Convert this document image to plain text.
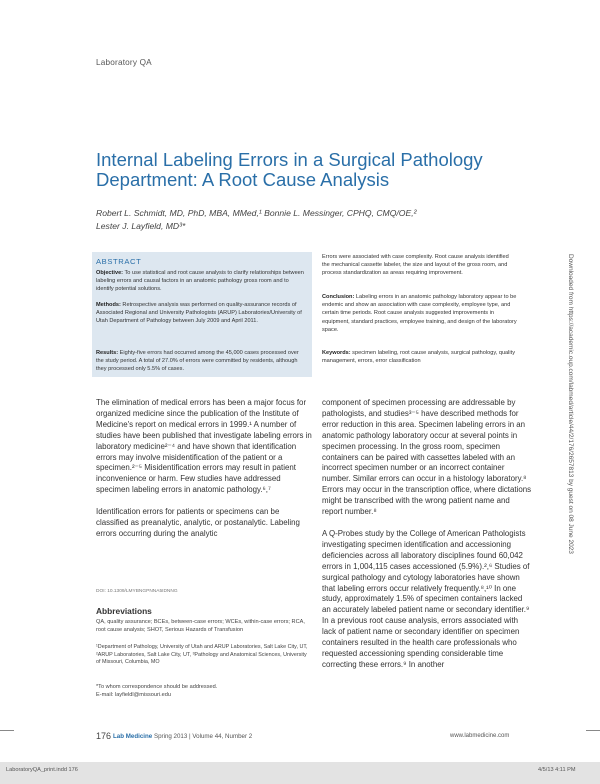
Laboratory QA
Internal Labeling Errors in a Surgical Pathology Department: A Root Cause Analysis
Robert L. Schmidt, MD, PhD, MBA, MMed,¹ Bonnie L. Messinger, CPHQ, CMQ/OE,²
Lester J. Layfield, MD³*
ABSTRACT
Objective: To use statistical and root cause analysis to clarify relationships between labeling errors and causal factors in an anatomic pathology gross room and to identify potential solutions.
Methods: Retrospective analysis was performed on quality-assurance records of Associated Regional and University Pathologists (ARUP) Laboratories/University of Utah Department of Pathology between July 2009 and April 2011.
Results: Eighty-five errors had occurred among the 45,000 cases processed over the study period. A total of 27.0% of errors were committed by residents, although they processed only 5.5% of cases.
Errors were associated with case complexity. Root cause analysis identified the mechanical cassette labeler, the size and layout of the gross room, and process standardization as areas requiring improvement.
Conclusion: Labeling errors in an anatomic pathology laboratory appear to be endemic and show an association with case complexity, employee type, and certain time periods. Root cause analysis suggested improvements in equipment, standard practices, employee training, and design of the laboratory space.
Keywords: specimen labeling, root cause analysis, surgical pathology, quality management, errors, error classification

The elimination of medical errors has been a major focus for organized medicine since the publication of the Institute of Medicine's report on medical errors in 1999.¹ A number of studies have been published that investigate labeling errors in laboratory medicine²⁻⁴ and have shown that identification errors may involve misidentification of the patient or a specimen.²⁻⁵ Misidentification errors may result in patient inconvenience or harm. Few studies have addressed specimen labeling errors in anatomic pathology.⁶,⁷

Identification errors for patients or specimens can be classified as preanalytic, analytic, or postanalytic. Labeling errors occurring during the analytic

component of specimen processing are addressable by pathologists, and studies³⁻⁵ have described methods for error reduction in this area. Specimen labeling errors in an anatomic pathology laboratory occur at several points in specimen processing. In the gross room, specimen containers can be paired with cassettes labeled with an incorrect specimen number or an incorrect container number. Similar errors can occur in a histology laboratory.⁸ Errors may occur in the transcription office, where dictations might be transcribed with the wrong patient name and report number.⁸

A Q-Probes study by the College of American Pathologists investigating specimen identification and accessioning deficiencies across all laboratory disciplines found 60,042 errors in 1,004,115 cases accessioned (5.9%).²,⁶ Studies of surgical pathology and cytology laboratories have shown that labeling errors occur relatively frequently.⁸,¹⁰ In one study, approximately 1.5% of specimen containers lacked an accurately labeled patient name or secondary identifier.⁹ In a previous root cause analysis, errors associated with lack of patient name or secondary identifier on specimen containers resulted in the health care professionals who requested accessioning spending considerable time correcting these errors.⁹ In another

DOI: 10.1309/LMYBNGPNNA5IDNNG
Abbreviations
QA, quality assurance; BCEs, between-case errors; WCEs, within-case errors; RCA, root cause analysis; SHOT, Serious Hazards of Transfusion
¹Department of Pathology, University of Utah and ARUP Laboratories, Salt Lake City, UT, ²ARUP Laboratories, Salt Lake City, UT, ³Pathology and Anatomical Sciences, University of Missouri, Columbia, MO
*To whom correspondence should be addressed.
E-mail: layfieldl@missouri.edu
176 Lab Medicine Spring 2013 | Volume 44, Number 2	www.labmedicine.com
Downloaded from https://academic.oup.com/labmed/article/44/2/176/2657813 by guest on 08 June 2023
LaboratoryQA_print.indd 176	4/5/13 4:11 PM
